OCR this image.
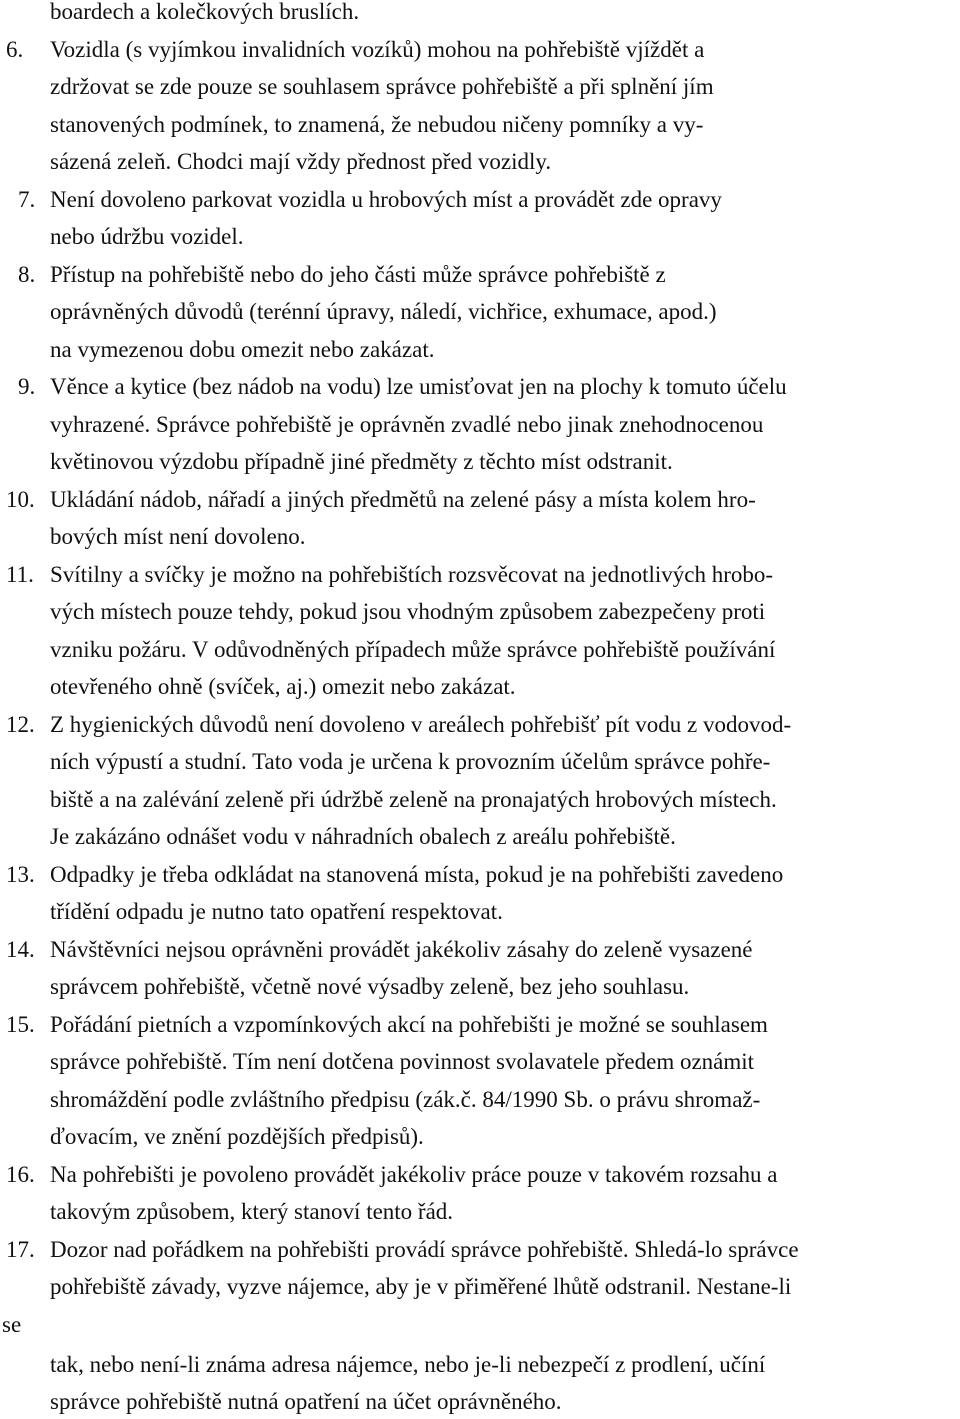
boardech a kolečkových bruslích.
6. Vozidla (s vyjímkou invalidních vozíků) mohou na pohřebiště vjíždět a
zdržovat se zde pouze se souhlasem správce pohřebiště a při splnění jím
stanovených podmínek, to znamená, že nebudou ničeny pomníky a vy-
sázená zeleň. Chodci mají vždy přednost před vozidly.
7. Není dovoleno parkovat vozidla u hrobových míst a provádět zde opravy
nebo údržbu vozidel.
8. Přístup na pohřebiště nebo do jeho části může správce pohřebiště z
oprávněných důvodů (terénní úpravy, náledí, vichřice, exhumace, apod.)
na vymezenou dobu omezit nebo zakázat.
9. Věnce a kytice (bez nádob na vodu) lze umisťovat jen na plochy k tomuto účelu
vyhrazené. Správce pohřebiště je oprávněn zvadlé nebo jinak znehodnocenou
květinovou výzdobu případně jiné předměty z těchto míst odstranit.
10. Ukládání nádob, nářadí a jiných předmětů na zelené pásy a místa kolem hro-
bových míst není dovoleno.
11. Svítilny a svíčky je možno na pohřebištích rozsvěcovat na jednotlivých hrobo-
vých místech pouze tehdy, pokud jsou vhodným způsobem zabezpečeny proti
vzniku požáru. V odůvodněných případech může správce pohřebiště používání
otevřeného ohně (svíček, aj.) omezit nebo zakázat.
12. Z hygienických důvodů není dovoleno v areálech pohřebišť pít vodu z vodovod-
ních výpustí a studní. Tato voda je určena k provozním účelům správce pohře-
biště a na zalévání zeleně při údržbě zeleně na pronajatých hrobových místech.
Je zakázáno odnášet vodu v náhradních obalech z areálu pohřebiště.
13. Odpadky je třeba odkládat na stanovená místa, pokud je na pohřebišti zavedeno
třídění odpadu je nutno tato opatření respektovat.
14. Návštěvníci nejsou oprávněni provádět jakékoliv zásahy do zeleně vysazené
správcem pohřebiště, včetně nové výsadby zeleně, bez jeho souhlasu.
15. Pořádání pietních a vzpomínkových akcí na pohřebišti je možné se souhlasem
správce pohřebiště. Tím není dotčena povinnost svolavatele předem oznámit
shromáždění podle zvláštního předpisu (zák.č. 84/1990 Sb. o právu shromaž-
ďovacím, ve znění pozdějších předpisů).
16. Na pohřebišti je povoleno provádět jakékoliv práce pouze v takovém rozsahu a
takovým způsobem, který stanoví tento řád.
17. Dozor nad pořádkem na pohřebišti provádí správce pohřebiště. Shledá-lo správce
pohřebiště závady, vyzve nájemce, aby je v přiměřené lhůtě odstranil. Nestane-li
se
tak, nebo není-li známa adresa nájemce, nebo je-li nebezpečí z prodlení, učíní
správce pohřebiště nutná opatření na účet oprávněného.
